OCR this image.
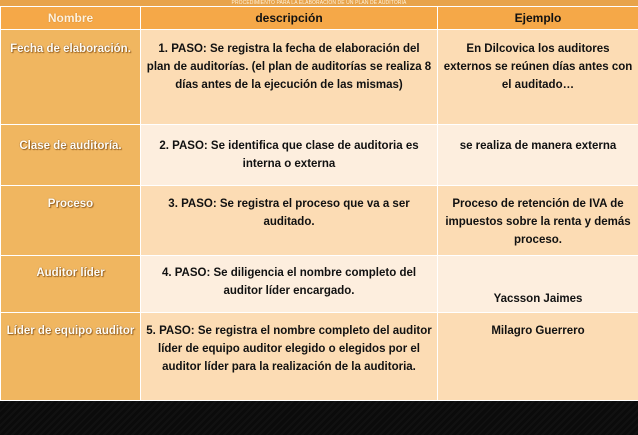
PROCEDIMIENTO PARA LA ELABORACIÓN DE UN PLAN DE AUDITORIA
Nombre	descripción	Ejemplo
Fecha de elaboración.	1. PASO: Se registra la fecha de elaboración del plan de auditorías. (el plan de auditorías se realiza 8 días antes de la ejecución de las mismas)	En Dilcovica los auditores externos se reúnen días antes con el auditado…
Clase de auditoría.	2. PASO: Se identifica que clase de auditoria es interna o externa	se realiza de manera externa
Proceso	3. PASO: Se registra el proceso que va a ser auditado.	Proceso de retención de IVA de impuestos sobre la renta y demás proceso.
Auditor líder	4. PASO: Se diligencia el nombre completo del auditor líder encargado.	Yacsson Jaimes
Líder de equipo auditor	5. PASO: Se registra el nombre completo del auditor líder de equipo auditor elegido o elegidos por el auditor líder para la realización de la auditoria.	Milagro Guerrero
